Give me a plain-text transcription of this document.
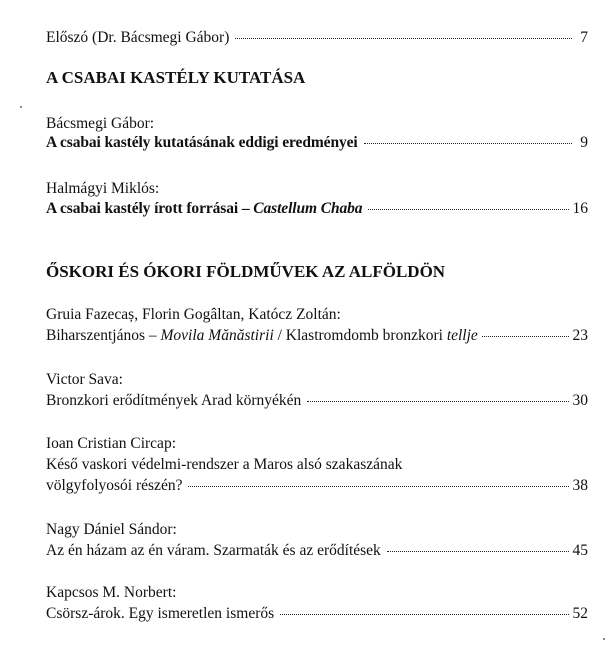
Előszó (Dr. Bácsmegi Gábor)	7
A CSABAI KASTÉLY KUTATÁSA
Bácsmegi Gábor:
A csabai kastély kutatásának eddigi eredményei	9
Halmágyi Miklós:
A csabai kastély írott forrásai – Castellum Chaba	16
ŐSKORI ÉS ÓKORI FÖLDMŰVEK AZ ALFÖLDÖN
Gruia Fazecaș, Florin Gogâltan, Katócz Zoltán:
Biharszentjános – Movila Mănăstirii / Klastromdomb bronzkori tellje	23
Victor Sava:
Bronzkori erődítmények Arad környékén	30
Ioan Cristian Circap:
Késő vaskori védelmi-rendszer a Maros alsó szakaszának
völgyfolyosói részén?	38
Nagy Dániel Sándor:
Az én házam az én váram. Szarmaták és az erődítések	45
Kapcsos M. Norbert:
Csörsz-árok. Egy ismeretlen ismerős	52
